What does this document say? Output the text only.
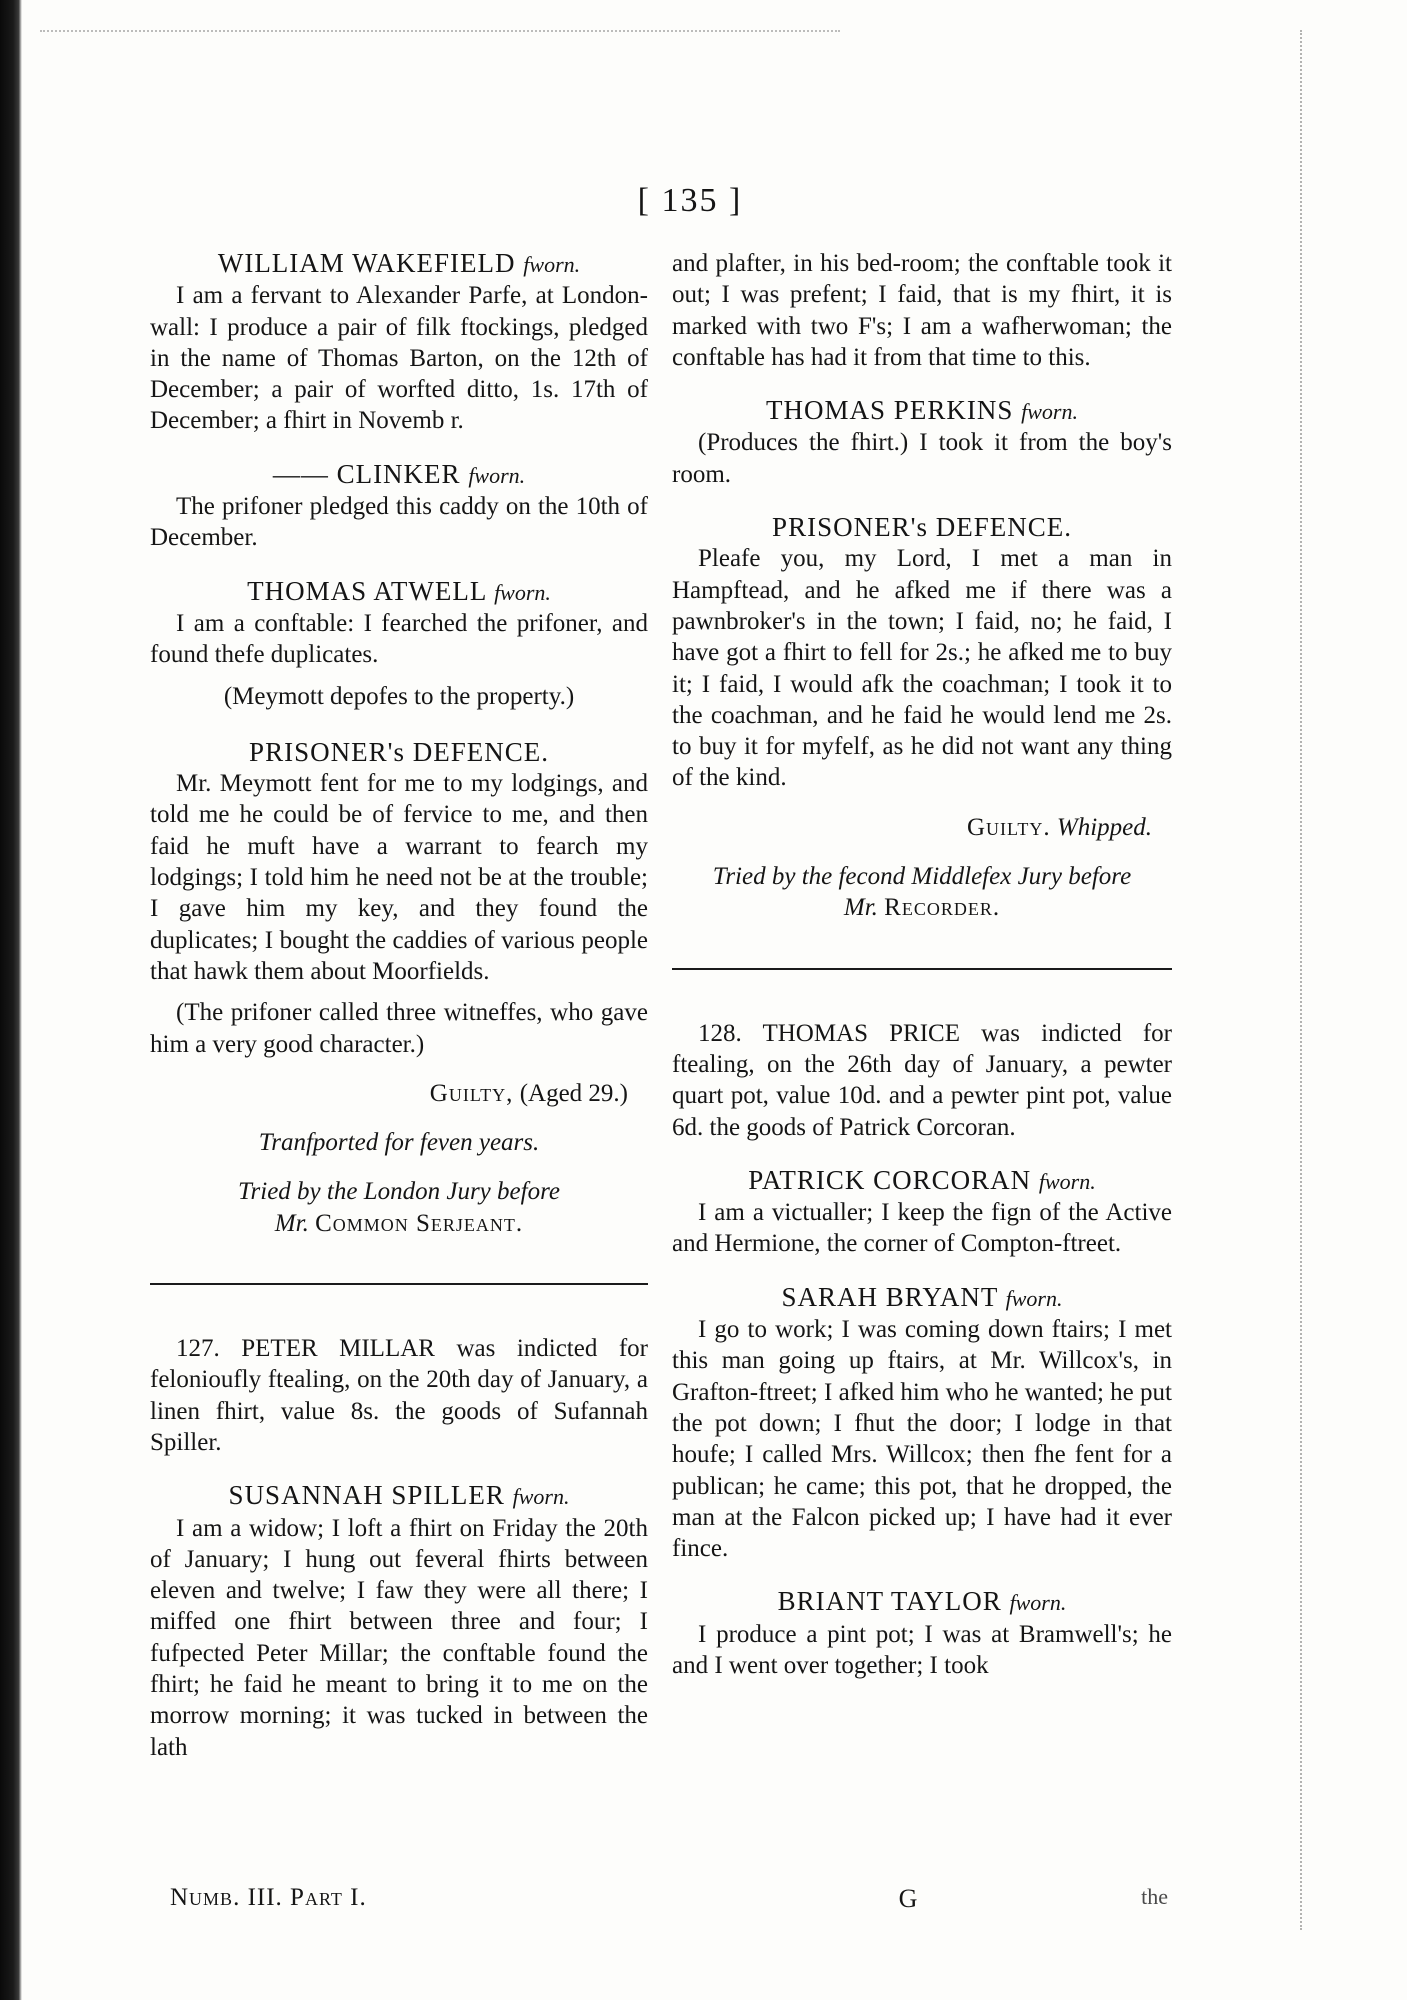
[ 135 ]
WILLIAM WAKEFIELD fworn.

I am a fervant to Alexander Parfe, at London-wall: I produce a pair of filk ftockings, pledged in the name of Thomas Barton, on the 12th of December; a pair of worfted ditto, 1s. 17th of December; a fhirt in Novemb r.

—— CLINKER fworn.

The prifoner pledged this caddy on the 10th of December.

THOMAS ATWELL fworn.

I am a conftable: I fearched the prifoner, and found thefe duplicates.

(Meymott depofes to the property.)

PRISONER's DEFENCE.

Mr. Meymott fent for me to my lodgings, and told me he could be of fervice to me, and then faid he muft have a warrant to fearch my lodgings; I told him he need not be at the trouble; I gave him my key, and they found the duplicates; I bought the caddies of various people that hawk them about Moorfields.

(The prifoner called three witneffes, who gave him a very good character.)

Guilty, (Aged 29.)
Tranfported for feven years.
Tried by the London Jury before
Mr. Common Serjeant.

127. PETER MILLAR was indicted for felonioufly ftealing, on the 20th day of January, a linen fhirt, value 8s. the goods of Sufannah Spiller.

SUSANNAH SPILLER fworn.

I am a widow; I loft a fhirt on Friday the 20th of January; I hung out feveral fhirts between eleven and twelve; I faw they were all there; I miffed one fhirt between three and four; I fufpected Peter Millar; the conftable found the fhirt; he faid he meant to bring it to me on the morrow morning; it was tucked in between the lath

and plafter, in his bed-room; the conftable took it out; I was prefent; I faid, that is my fhirt, it is marked with two F's; I am a wafherwoman; the conftable has had it from that time to this.

THOMAS PERKINS fworn.

(Produces the fhirt.) I took it from the boy's room.

PRISONER's DEFENCE.

Pleafe you, my Lord, I met a man in Hampftead, and he afked me if there was a pawnbroker's in the town; I faid, no; he faid, I have got a fhirt to fell for 2s.; he afked me to buy it; I faid, I would afk the coachman; I took it to the coachman, and he faid he would lend me 2s. to buy it for myfelf, as he did not want any thing of the kind.

Guilty. Whipped.
Tried by the fecond Middlefex Jury before
Mr. Recorder.

128. THOMAS PRICE was indicted for ftealing, on the 26th day of January, a pewter quart pot, value 10d. and a pewter pint pot, value 6d. the goods of Patrick Corcoran.

PATRICK CORCORAN fworn.

I am a victualler; I keep the fign of the Active and Hermione, the corner of Compton-ftreet.

SARAH BRYANT fworn.

I go to work; I was coming down ftairs; I met this man going up ftairs, at Mr. Willcox's, in Grafton-ftreet; I afked him who he wanted; he put the pot down; I fhut the door; I lodge in that houfe; I called Mrs. Willcox; then fhe fent for a publican; he came; this pot, that he dropped, the man at the Falcon picked up; I have had it ever fince.

BRIANT TAYLOR fworn.

I produce a pint pot; I was at Bramwell's; he and I went over together; I took

Numb. III. Part I.	G	the
